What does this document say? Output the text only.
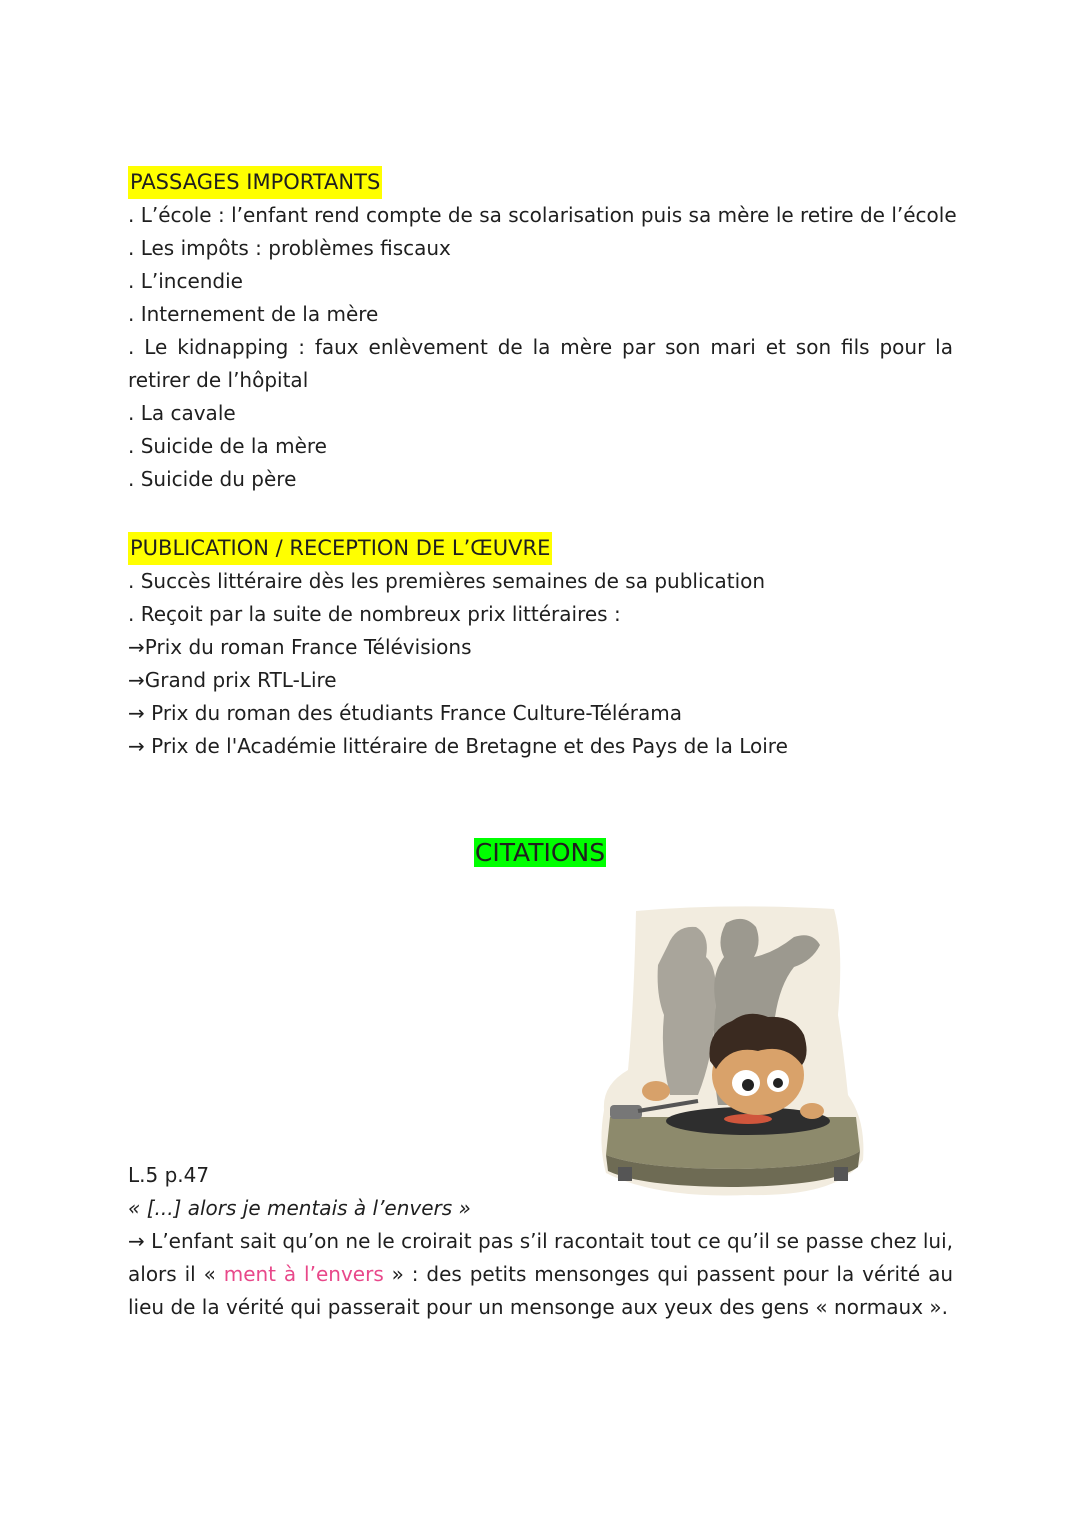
PASSAGES IMPORTANTS
. L’école : l’enfant rend compte de sa scolarisation puis sa mère le retire de l’école
. Les impôts : problèmes fiscaux
. L’incendie
. Internement de la mère
. Le kidnapping : faux enlèvement de la mère par son mari et son fils pour la retirer de l’hôpital
. La cavale
. Suicide de la mère
. Suicide du père
PUBLICATION / RECEPTION DE L’ŒUVRE
. Succès littéraire dès les premières semaines de sa publication
. Reçoit par la suite de nombreux prix littéraires :
→Prix du roman France Télévisions
→Grand prix RTL-Lire
→ Prix du roman des étudiants France Culture-Télérama
→ Prix de l'Académie littéraire de Bretagne et des Pays de la Loire
CITATIONS
L.5 p.47
« [...] alors je mentais à l’envers »
→ L’enfant sait qu’on ne le croirait pas s’il racontait tout ce qu’il se passe chez lui, alors il « ment à l’envers » : des petits mensonges qui passent pour la vérité au lieu de la vérité qui passerait pour un mensonge aux yeux des gens « normaux ».
